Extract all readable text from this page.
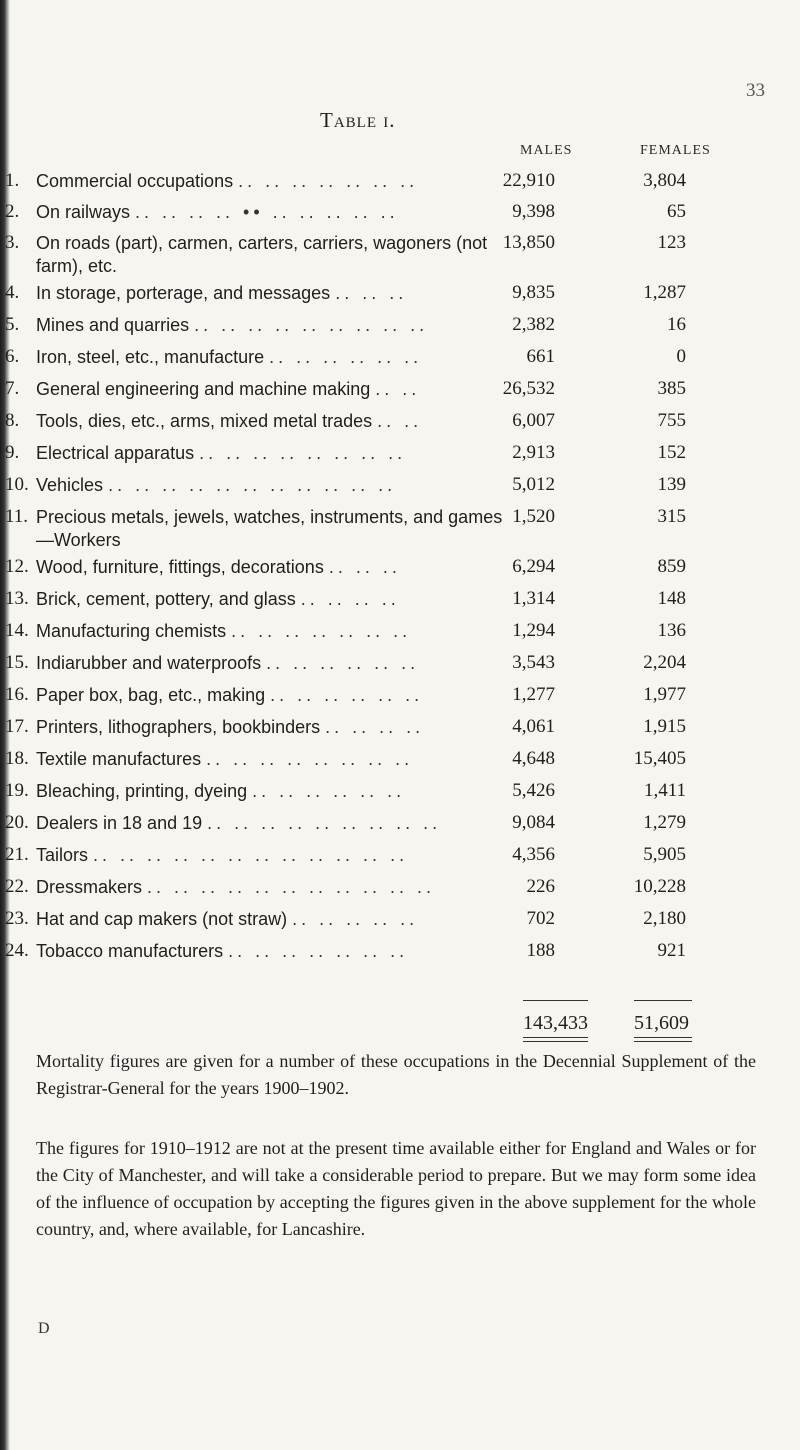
33
Table i.
MALES	FEMALES
1. Commercial occupations .. .. .. .. .. .. ..	22,910	3,804
2. On railways .. .. .. .. •• .. .. .. .. ..	9,398	65
3. On roads (part), carmen, carters, carriers, wagoners (not farm), etc.
13,850	123
4. In storage, porterage, and messages .. .. ..	9,835	1,287
5. Mines and quarries .. .. .. .. .. .. .. .. ..	2,382	16
6. Iron, steel, etc., manufacture .. .. .. .. .. ..	661	0
7. General engineering and machine making .. ..	26,532	385
8. Tools, dies, etc., arms, mixed metal trades .. ..	6,007	755
9. Electrical apparatus .. .. .. .. .. .. .. ..	2,913	152
10. Vehicles .. .. .. .. .. .. .. .. .. .. ..	5,012	139
11. Precious metals, jewels, watches, instruments, and games—Workers
1,520	315
12. Wood, furniture, fittings, decorations .. .. ..	6,294	859
13. Brick, cement, pottery, and glass .. .. .. ..	1,314	148
14. Manufacturing chemists .. .. .. .. .. .. ..	1,294	136
15. Indiarubber and waterproofs .. .. .. .. .. ..	3,543	2,204
16. Paper box, bag, etc., making .. .. .. .. .. ..	1,277	1,977
17. Printers, lithographers, bookbinders .. .. .. ..	4,061	1,915
18. Textile manufactures .. .. .. .. .. .. .. ..	4,648	15,405
19. Bleaching, printing, dyeing .. .. .. .. .. ..	5,426	1,411
20. Dealers in 18 and 19 .. .. .. .. .. .. .. .. ..	9,084	1,279
21. Tailors .. .. .. .. .. .. .. .. .. .. .. ..	4,356	5,905
22. Dressmakers .. .. .. .. .. .. .. .. .. .. ..	226	10,228
23. Hat and cap makers (not straw) .. .. .. .. ..	702	2,180
24. Tobacco manufacturers .. .. .. .. .. .. ..	188	921
143,433 51,609
Mortality figures are given for a number of these occupations in the Decennial Supplement of the Registrar-General for the years 1900–1902.
The figures for 1910–1912 are not at the present time available either for England and Wales or for the City of Manchester, and will take a considerable period to prepare. But we may form some idea of the influence of occupation by accepting the figures given in the above supplement for the whole country, and, where available, for Lancashire.
D
